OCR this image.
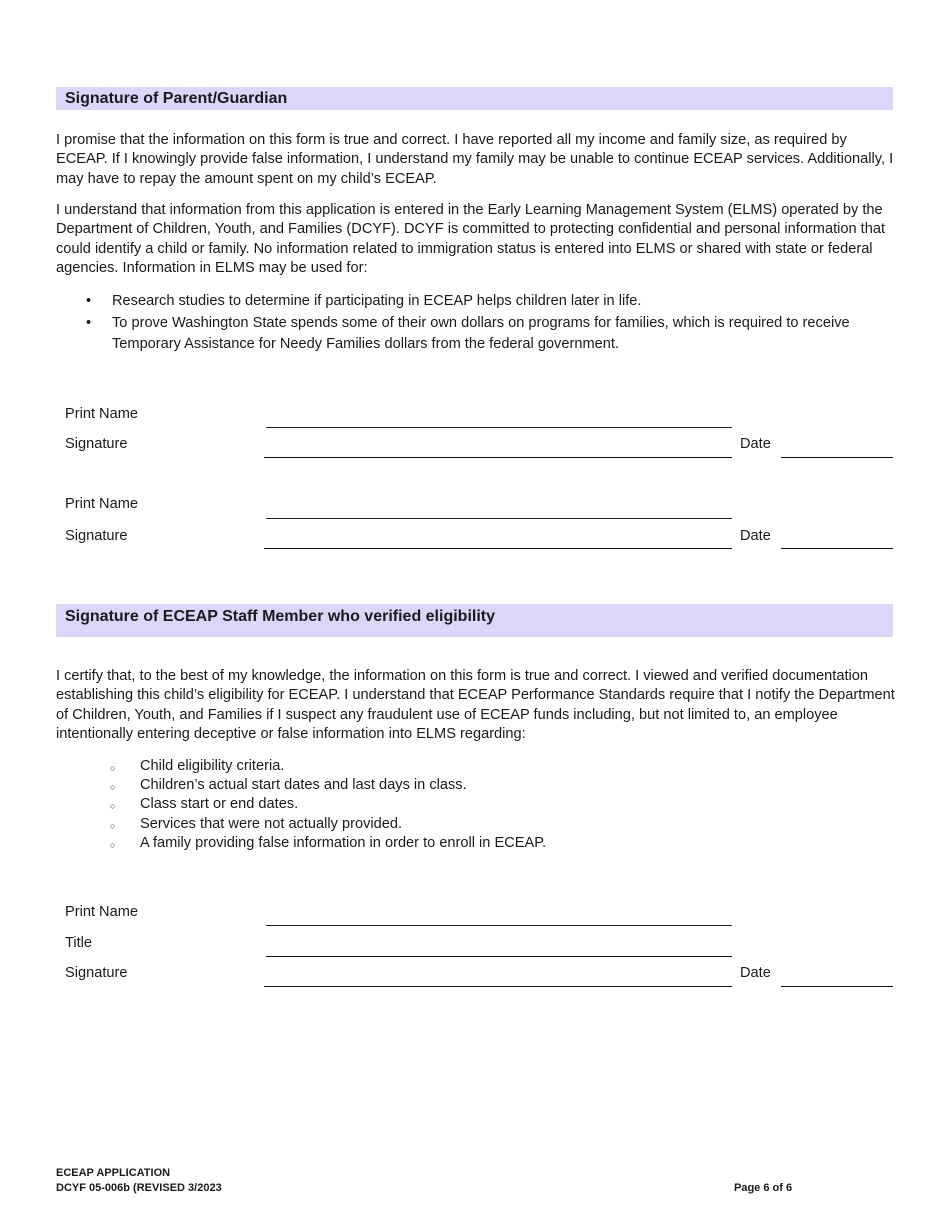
Signature of Parent/Guardian

I promise that the information on this form is true and correct. I have reported all my income and family size, as required by ECEAP. If I knowingly provide false information, I understand my family may be unable to continue ECEAP services. Additionally, I may have to repay the amount spent on my child’s ECEAP.

I understand that information from this application is entered in the Early Learning Management System (ELMS) operated by the Department of Children, Youth, and Families (DCYF). DCYF is committed to protecting confidential and personal information that could identify a child or family. No information related to immigration status is entered into ELMS or shared with state or federal agencies. Information in ELMS may be used for:

• Research studies to determine if participating in ECEAP helps children later in life.
• To prove Washington State spends some of their own dollars on programs for families, which is required to receive Temporary Assistance for Needy Families dollars from the federal government.
Print Name
Signature	Date
Print Name
Signature	Date
Signature of ECEAP Staff Member who verified eligibility

I certify that, to the best of my knowledge, the information on this form is true and correct. I viewed and verified documentation establishing this child’s eligibility for ECEAP. I understand that ECEAP Performance Standards require that I notify the Department of Children, Youth, and Families if I suspect any fraudulent use of ECEAP funds including, but not limited to, an employee intentionally entering deceptive or false information into ELMS regarding:

○ Child eligibility criteria.
○ Children’s actual start dates and last days in class.
○ Class start or end dates.
○ Services that were not actually provided.
○ A family providing false information in order to enroll in ECEAP.
Print Name
Title
Signature	Date
ECEAP APPLICATION
DCYF 05-006b (REVISED 3/2023	Page 6 of 6
